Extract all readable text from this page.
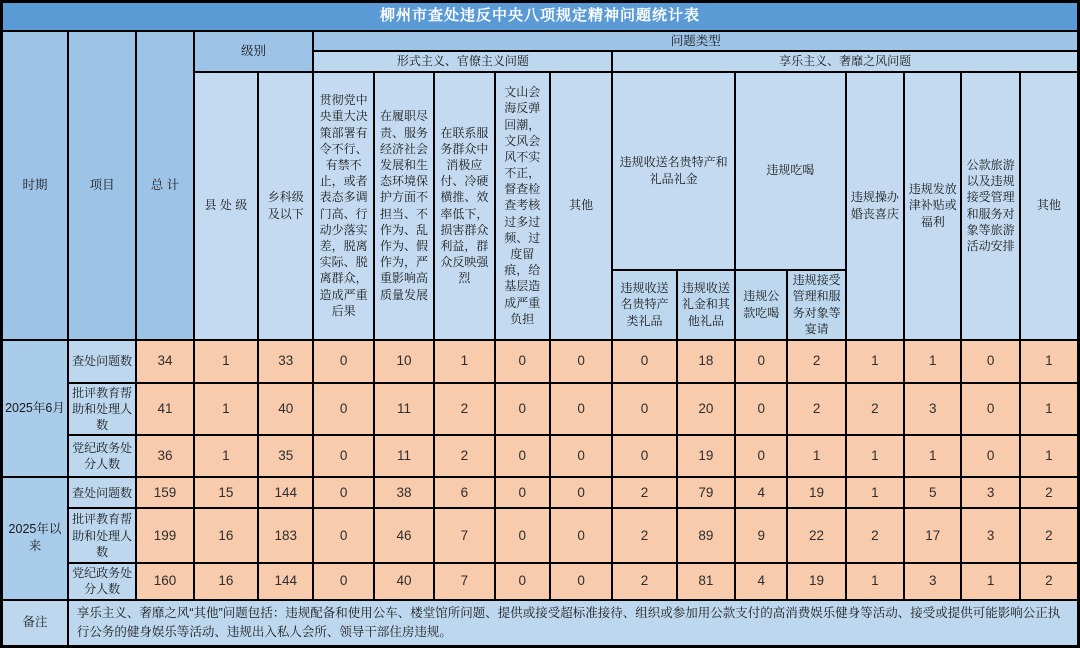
柳州市查处违反中央八项规定精神问题统计表																	
时期	项目	总 计	级别		问题类型												
					形式主义、官僚主义问题					享乐主义、奢靡之风问题							
			县 处 级	乡科级及以下	贯彻党中央重大决策部署有令不行、有禁不止，或者表态多调门高、行动少落实差，脱离实际、脱离群众，造成严重后果	在履职尽责、服务经济社会发展和生态环境保护方面不担当、不作为、乱作为、假作为，严重影响高质量发展	在联系服务群众中消极应付、冷硬横推、效率低下，损害群众利益，群众反映强烈	文山会海反弹回潮，文风会风不实不正，督查检查考核过多过频、过度留痕，给基层造成严重负担	其他	违规收送名贵特产和礼品礼金		违规吃喝		违规操办婚丧喜庆	违规发放津补贴或福利	公款旅游以及违规接受管理和服务对象等旅游活动安排	其他
										违规收送名贵特产类礼品	违规收送礼金和其他礼品	违规公款吃喝	违规接受管理和服务对象等宴请				
2025年6月	查处问题数	34	1	33	0	10	1	0	0	0	18	0	2	1	1	0	1
	批评教育帮助和处理人数	41	1	40	0	11	2	0	0	0	20	0	2	2	3	0	1
	党纪政务处分人数	36	1	35	0	11	2	0	0	0	19	0	1	1	1	0	1
2025年以来	查处问题数	159	15	144	0	38	6	0	0	2	79	4	19	1	5	3	2
	批评教育帮助和处理人数	199	16	183	0	46	7	0	0	2	89	9	22	2	17	3	2
	党纪政务处分人数	160	16	144	0	40	7	0	0	2	81	4	19	1	3	1	2
备注	享乐主义、奢靡之风“其他”问题包括：违规配备和使用公车、楼堂馆所问题、提供或接受超标准接待、组织或参加用公款支付的高消费娱乐健身等活动、接受或提供可能影响公正执行公务的健身娱乐等活动、违规出入私人会所、领导干部住房违规。																
